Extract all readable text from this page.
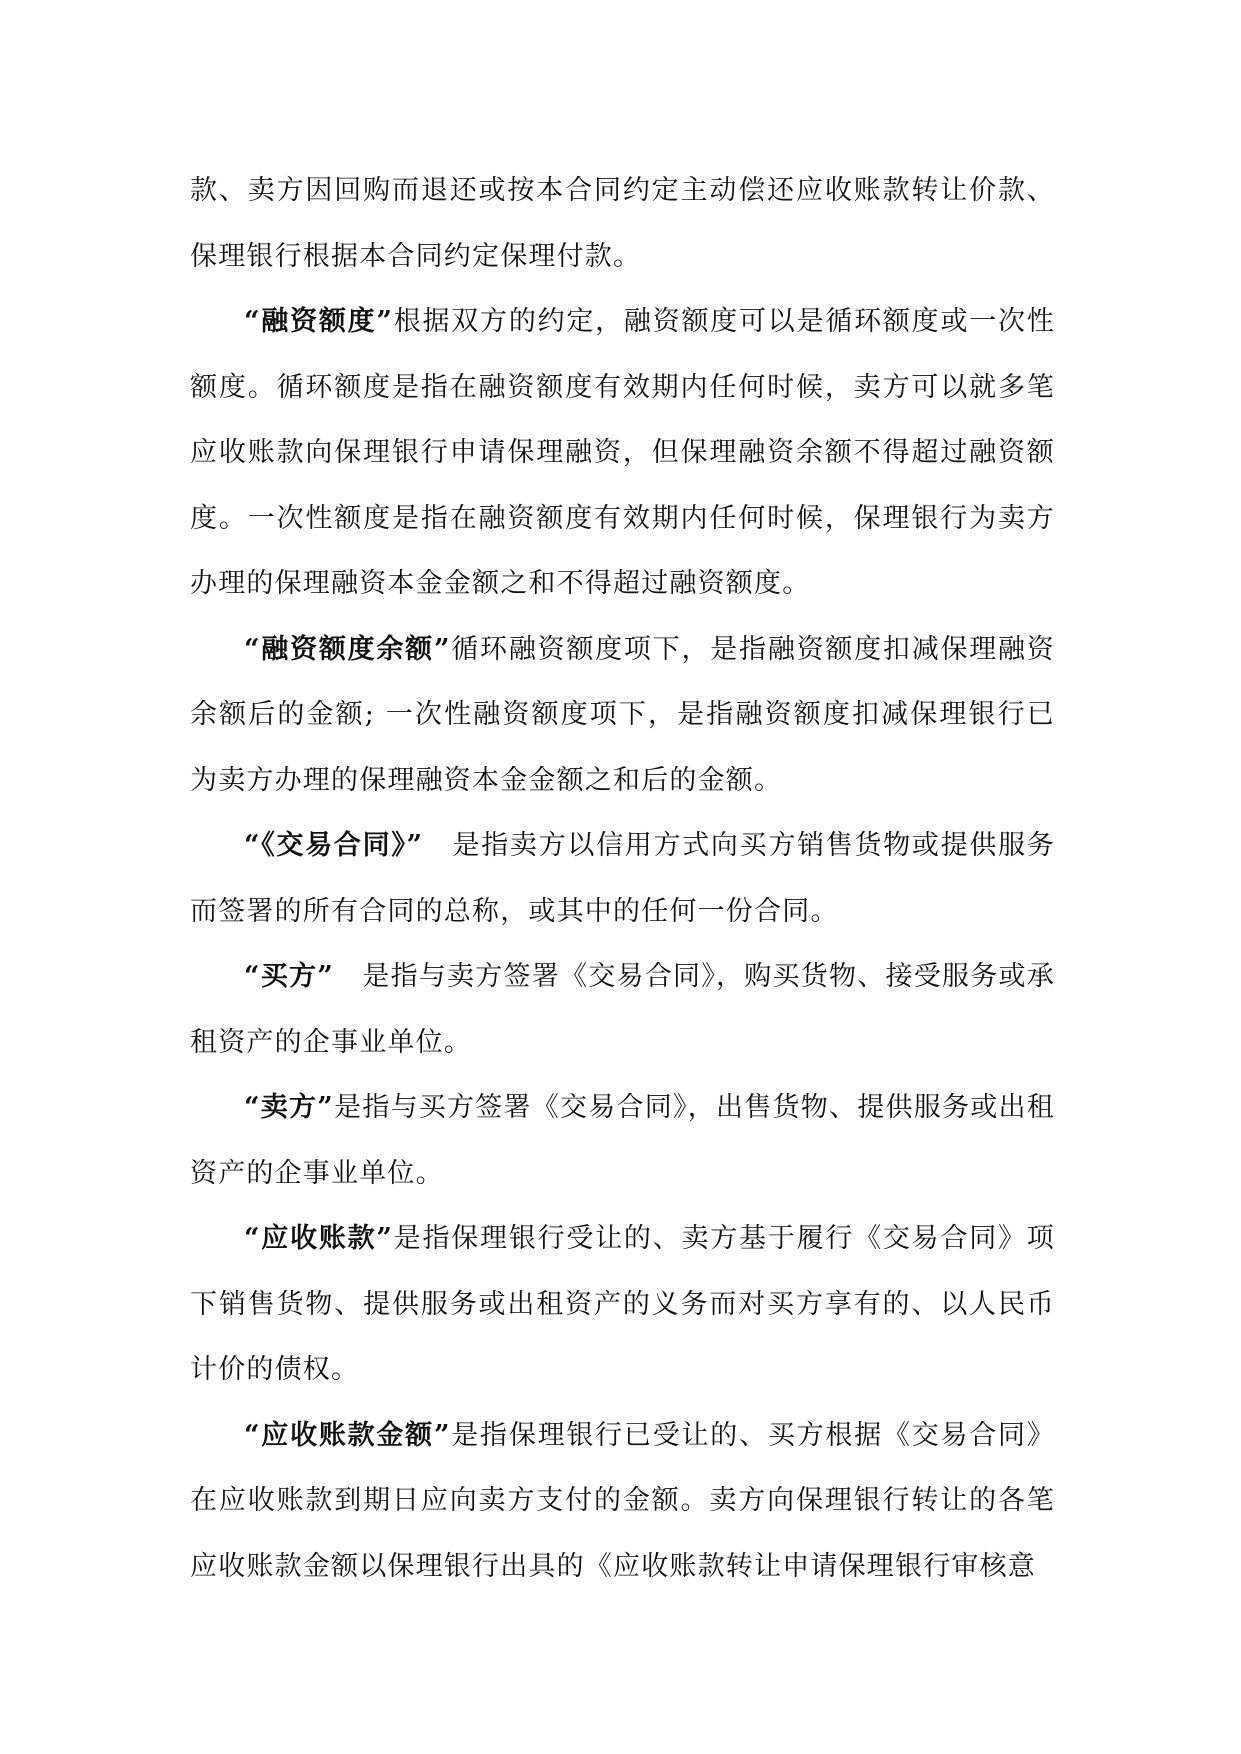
款、卖方因回购而退还或按本合同约定主动偿还应收账款转让价款、保理银行根据本合同约定保理付款。

“融资额度”根据双方的约定，融资额度可以是循环额度或一次性额度。循环额度是指在融资额度有效期内任何时候，卖方可以就多笔应收账款向保理银行申请保理融资，但保理融资余额不得超过融资额度。一次性额度是指在融资额度有效期内任何时候，保理银行为卖方办理的保理融资本金金额之和不得超过融资额度。

“融资额度余额”循环融资额度项下，是指融资额度扣减保理融资余额后的金额; 一次性融资额度项下，是指融资额度扣减保理银行已为卖方办理的保理融资本金金额之和后的金额。

“《交易合同》”　是指卖方以信用方式向买方销售货物或提供服务而签署的所有合同的总称，或其中的任何一份合同。

“买方”　是指与卖方签署《交易合同》，购买货物、接受服务或承租资产的企事业单位。

“卖方”是指与买方签署《交易合同》，出售货物、提供服务或出租资产的企事业单位。

“应收账款”是指保理银行受让的、卖方基于履行《交易合同》项下销售货物、提供服务或出租资产的义务而对买方享有的、以人民币计价的债权。

“应收账款金额”是指保理银行已受让的、买方根据《交易合同》在应收账款到期日应向卖方支付的金额。卖方向保理银行转让的各笔应收账款金额以保理银行出具的《应收账款转让申请保理银行审核意
